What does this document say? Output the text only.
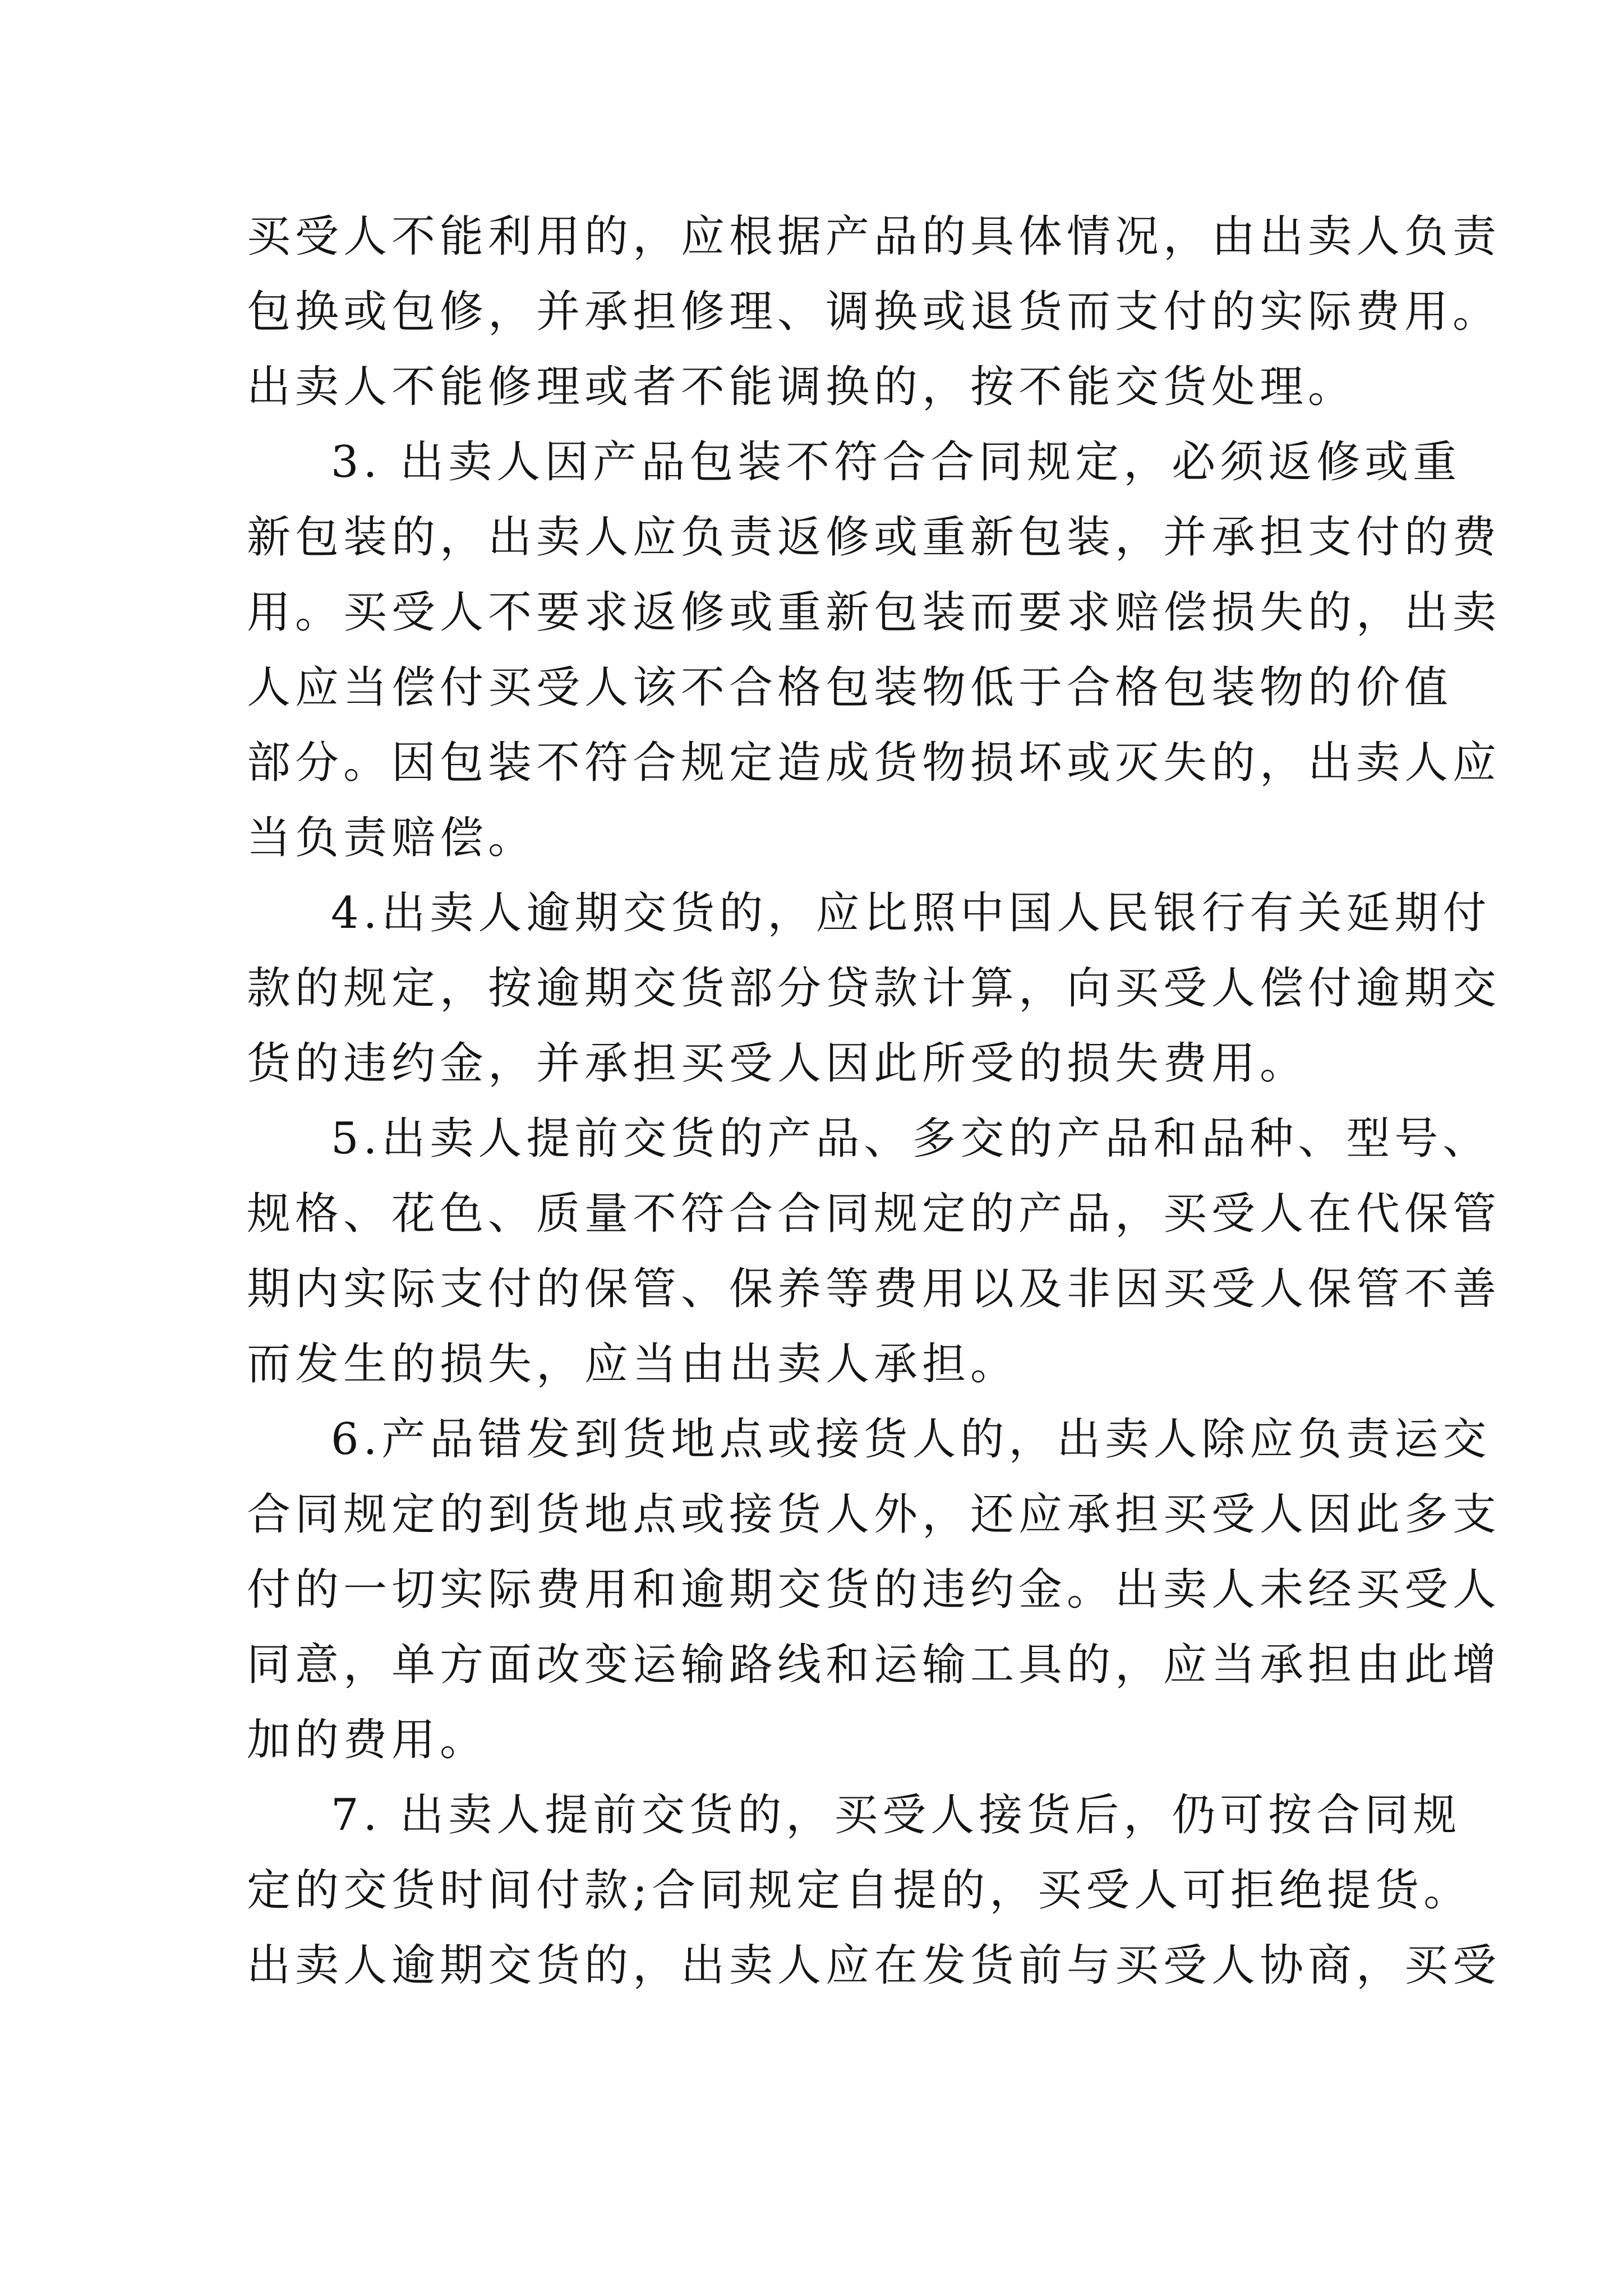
买受人不能利用的，应根据产品的具体情况，由出卖人负责
包换或包修，并承担修理、调换或退货而支付的实际费用。
出卖人不能修理或者不能调换的，按不能交货处理。
3. 出卖人因产品包装不符合合同规定，必须返修或重
新包装的，出卖人应负责返修或重新包装，并承担支付的费
用。买受人不要求返修或重新包装而要求赔偿损失的，出卖
人应当偿付买受人该不合格包装物低于合格包装物的价值
部分。因包装不符合规定造成货物损坏或灭失的，出卖人应
当负责赔偿。
4.出卖人逾期交货的，应比照中国人民银行有关延期付
款的规定，按逾期交货部分贷款计算，向买受人偿付逾期交
货的违约金，并承担买受人因此所受的损失费用。
5.出卖人提前交货的产品、多交的产品和品种、型号、
规格、花色、质量不符合合同规定的产品，买受人在代保管
期内实际支付的保管、保养等费用以及非因买受人保管不善
而发生的损失，应当由出卖人承担。
6.产品错发到货地点或接货人的，出卖人除应负责运交
合同规定的到货地点或接货人外，还应承担买受人因此多支
付的一切实际费用和逾期交货的违约金。出卖人未经买受人
同意，单方面改变运输路线和运输工具的，应当承担由此增
加的费用。
7. 出卖人提前交货的，买受人接货后，仍可按合同规
定的交货时间付款;合同规定自提的，买受人可拒绝提货。
出卖人逾期交货的，出卖人应在发货前与买受人协商，买受
